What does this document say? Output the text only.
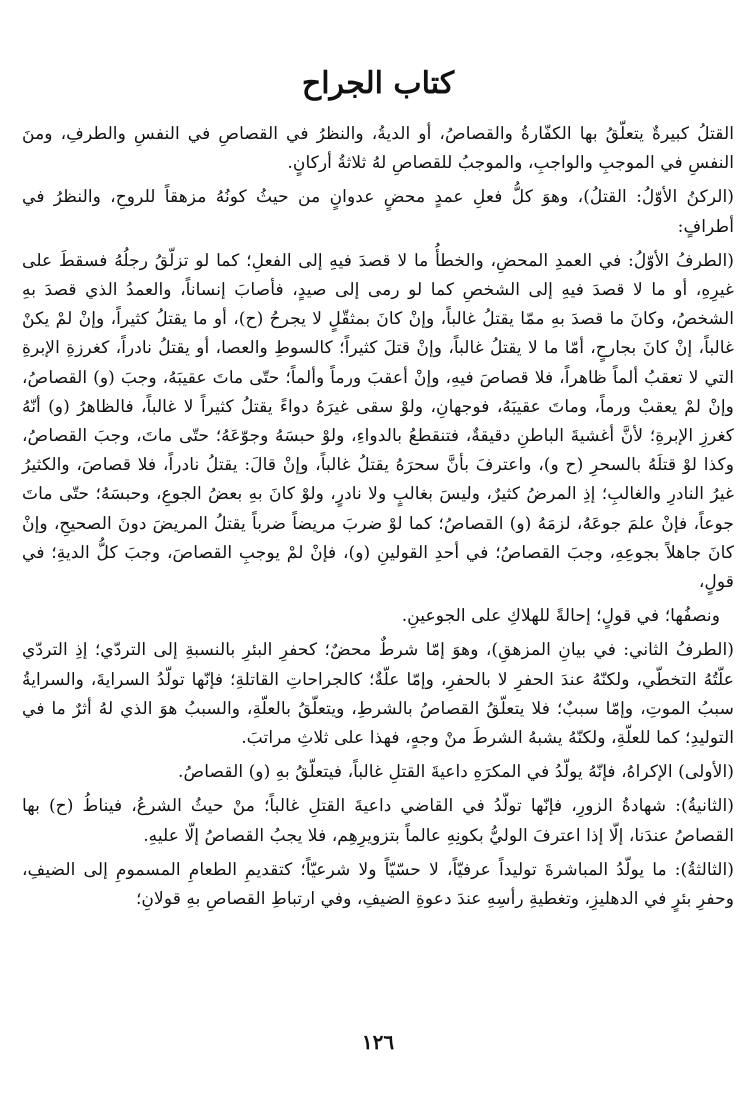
كتاب الجراح

القتلُ كبيرةٌ يتعلّقُ بها الكفّارةُ والقصاصُ، أو الديةُ، والنظرُ في القصاصِ في النفسِ والطرفِ، ومنَ النفسِ في الموجبِ والواجبِ، والموجبُ للقصاصِ لهُ ثلاثةُ أركانٍ.

(الركنُ الأوّلُ: القتلُ)، وهوَ كلُّ فعلِ عمدٍ محضٍ عدوانٍ من حيثُ كونُهُ مزهقاً للروحِ، والنظرُ في أطرافٍ:

(الطرفُ الأوّلُ: في العمدِ المحضِ، والخطأُ ما لا قصدَ فيهِ إلى الفعلِ؛ كما لو تزلّقُ رجلُهُ فسقطَ على غيرِهِ، أو ما لا قصدَ فيهِ إلى الشخصِ كما لو رمى إلى صيدٍ، فأصابَ إنساناً، والعمدُ الذي قصدَ بهِ الشخصُ، وكانَ ما قصدَ بهِ ممّا يقتلُ غالباً، وإنْ كانَ بمثقّلٍ لا يجرحُ (ح)، أو ما يقتلُ كثيراً، وإنْ لمْ يكنْ غالباً، إنْ كانَ بجارحٍ، أمّا ما لا يقتلُ غالباً، وإنْ قتلَ كثيراً؛ كالسوطِ والعصا، أو يقتلُ نادراً، كغرزةِ الإبرةِ التي لا تعقبُ ألماً ظاهراً، فلا قصاصَ فيهِ، وإنْ أعقبَ ورماً وألماً؛ حتّى ماتَ عقيبَهُ، وجبَ (و) القصاصُ، وإنْ لمْ يعقبْ ورماً، وماتَ عقيبَهُ، فوجهانِ، ولوْ سقى غيرَهُ دواءً يقتلُ كثيراً لا غالباً، فالظاهرُ (و) أنّهُ كغرزِ الإبرةِ؛ لأنَّ أغشيةَ الباطنِ دقيقةٌ، فتنقطعُ بالدواءِ، ولوْ حبسَهُ وجوّعَهُ؛ حتّى ماتَ، وجبَ القصاصُ، وكذا لوْ قتلَهُ بالسحرِ (ح و)، واعترفَ بأنَّ سحرَهُ يقتلُ غالباً، وإنْ قالَ: يقتلُ نادراً، فلا قصاصَ، والكثيرُ غيرُ النادرِ والغالبِ؛ إذِ المرضُ كثيرٌ، وليسَ بغالبٍ ولا نادرٍ، ولوْ كانَ بهِ بعضُ الجوعِ، وحبسَهُ؛ حتّى ماتَ جوعاً، فإنْ علمَ جوعَهُ، لزمَهُ (و) القصاصُ؛ كما لوْ ضربَ مريضاً ضرباً يقتلُ المريضَ دونَ الصحيحِ، وإنْ كانَ جاهلاً بجوعِهِ، وجبَ القصاصُ؛ في أحدِ القولينِ (و)، فإنْ لمْ يوجبِ القصاصَ، وجبَ كلُّ الديةِ؛ في قولٍ،

ونصفُها؛ في قولٍ؛ إحالةً للهلاكِ على الجوعينِ.

(الطرفُ الثاني: في بيانِ المزهقِ)، وهوَ إمّا شرطٌ محضٌ؛ كحفرِ البئرِ بالنسبةِ إلى التردّي؛ إذِ التردّي علّتُهُ التخطّي، ولكنّهُ عندَ الحفرِ لا بالحفرِ، وإمّا علّةٌ؛ كالجراحاتِ القاتلةِ؛ فإنّها تولّدُ السرايةَ، والسرايةُ سببُ الموتِ، وإمّا سببٌ؛ فلا يتعلّقُ القصاصُ بالشرطِ، ويتعلّقُ بالعلّةِ، والسببُ هوَ الذي لهُ أثرٌ ما في التوليدِ؛ كما للعلّةِ، ولكنّهُ يشبهُ الشرطَ منْ وجهٍ، فهذا على ثلاثِ مراتبَ.

(الأولى) الإكراهُ، فإنّهُ يولّدُ في المكرَهِ داعيةَ القتلِ غالباً، فيتعلّقُ بهِ (و) القصاصُ.

(الثانيةُ): شهادةُ الزورِ، فإنّها تولّدُ في القاضي داعيةَ القتلِ غالباً؛ منْ حيثُ الشرعُ، فيناطُ (ح) بها القصاصُ عندَنا، إلّا إذا اعترفَ الوليُّ بكونِهِ عالماً بتزويرِهِم، فلا يجبُ القصاصُ إلّا عليهِ.

(الثالثةُ): ما يولّدُ المباشرةَ توليداً عرفيّاً، لا حسّيّاً ولا شرعيّاً؛ كتقديمِ الطعامِ المسمومِ إلى الضيفِ، وحفرِ بئرٍ في الدهليزِ، وتغطيةِ رأسِهِ عندَ دعوةِ الضيفِ، وفي ارتباطِ القصاصِ بهِ قولانِ؛

١٢٦
